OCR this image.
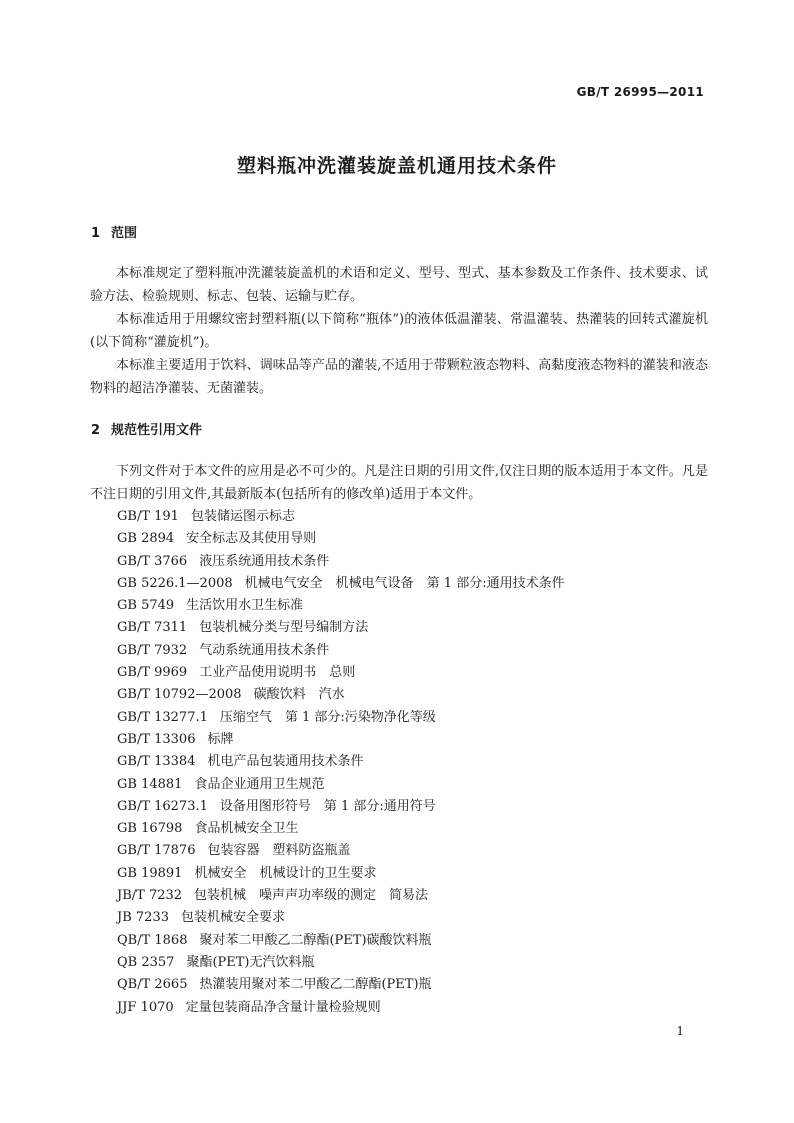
GB/T 26995—2011
塑料瓶冲洗灌装旋盖机通用技术条件
1 范围

本标准规定了塑料瓶冲洗灌装旋盖机的术语和定义、型号、型式、基本参数及工作条件、技术要求、试验方法、检验规则、标志、包装、运输与贮存。

本标准适用于用螺纹密封塑料瓶(以下简称“瓶体”)的液体低温灌装、常温灌装、热灌装的回转式灌旋机(以下简称“灌旋机”)。

本标准主要适用于饮料、调味品等产品的灌装,不适用于带颗粒液态物料、高黏度液态物料的灌装和液态物料的超洁净灌装、无菌灌装。

2 规范性引用文件

下列文件对于本文件的应用是必不可少的。凡是注日期的引用文件,仅注日期的版本适用于本文件。凡是不注日期的引用文件,其最新版本(包括所有的修改单)适用于本文件。

GB/T 191 包装储运图示标志
GB 2894 安全标志及其使用导则
GB/T 3766 液压系统通用技术条件
GB 5226.1—2008 机械电气安全　机械电气设备　第 1 部分:通用技术条件
GB 5749 生活饮用水卫生标准
GB/T 7311 包装机械分类与型号编制方法
GB/T 7932 气动系统通用技术条件
GB/T 9969 工业产品使用说明书　总则
GB/T 10792—2008 碳酸饮料　汽水
GB/T 13277.1 压缩空气　第 1 部分:污染物净化等级
GB/T 13306 标牌
GB/T 13384 机电产品包装通用技术条件
GB 14881 食品企业通用卫生规范
GB/T 16273.1 设备用图形符号　第 1 部分:通用符号
GB 16798 食品机械安全卫生
GB/T 17876 包装容器　塑料防盗瓶盖
GB 19891 机械安全　机械设计的卫生要求
JB/T 7232 包装机械　噪声声功率级的测定　简易法
JB 7233 包装机械安全要求
QB/T 1868 聚对苯二甲酸乙二醇酯(PET)碳酸饮料瓶
QB 2357 聚酯(PET)无汽饮料瓶
QB/T 2665 热灌装用聚对苯二甲酸乙二醇酯(PET)瓶
JJF 1070 定量包装商品净含量计量检验规则
1
